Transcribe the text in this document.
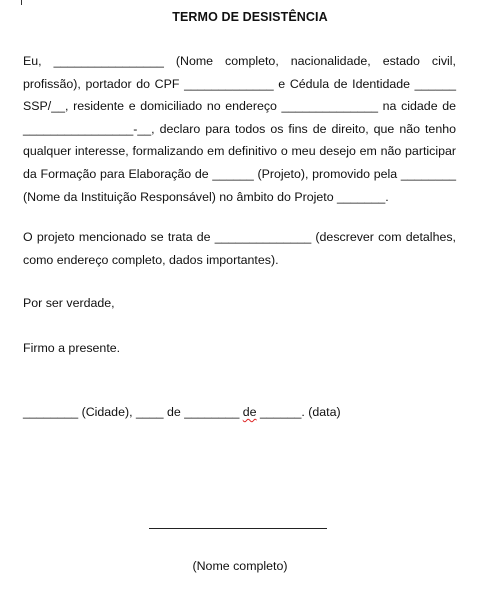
TERMO DE DESISTÊNCIA
Eu, ________________ (Nome completo, nacionalidade, estado civil, profissão), portador do CPF _____________ e Cédula de Identidade ______ SSP/__, residente e domiciliado no endereço ______________ na cidade de ________________-__, declaro para todos os fins de direito, que não tenho qualquer interesse, formalizando em definitivo o meu desejo em não participar da Formação para Elaboração de ______ (Projeto), promovido pela ________ (Nome da Instituição Responsável) no âmbito do Projeto _______.
O projeto mencionado se trata de ______________ (descrever com detalhes, como endereço completo, dados importantes).
Por ser verdade,
Firmo a presente.
________ (Cidade), ____ de ________ de ______. (data)
(Nome completo)
